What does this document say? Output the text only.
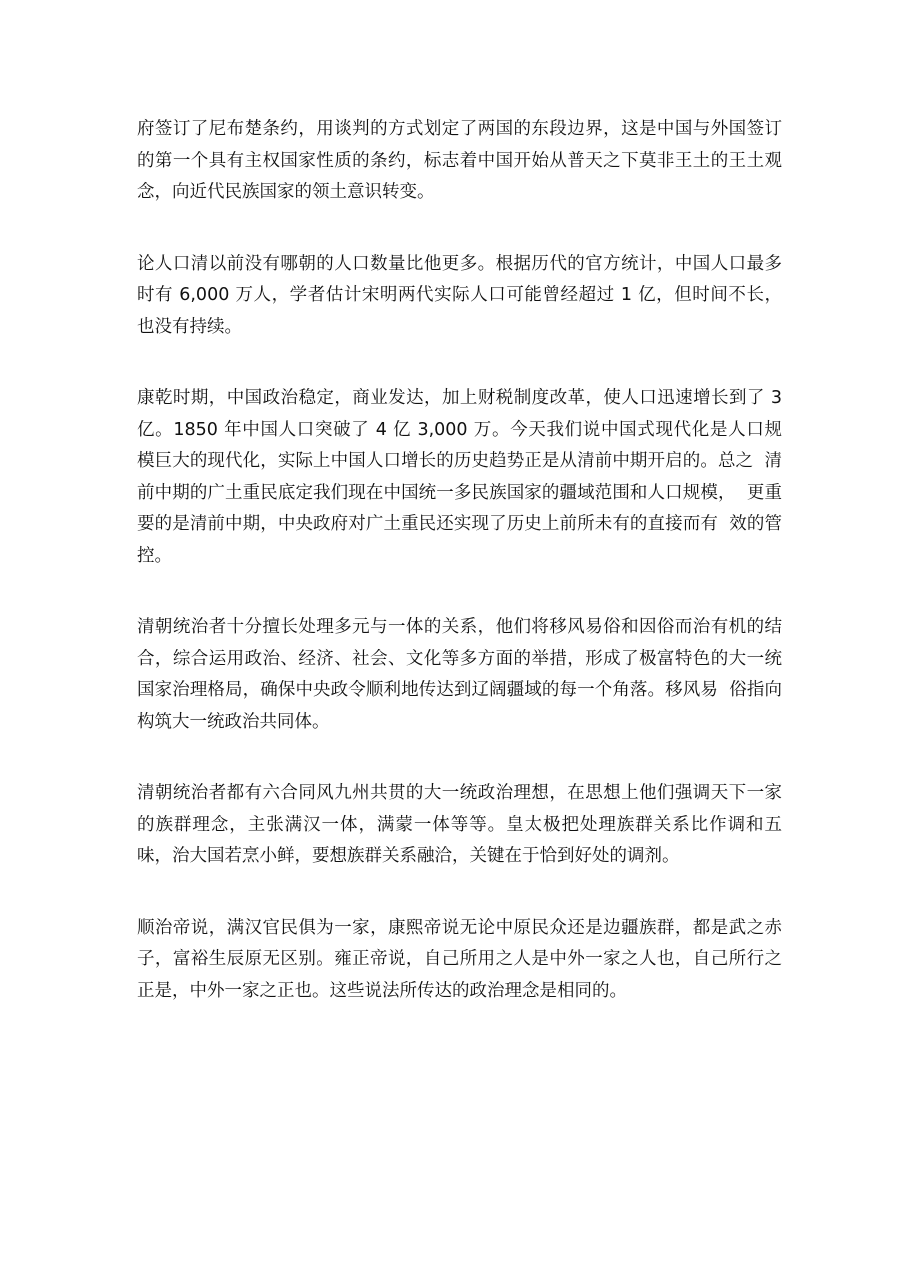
府签订了尼布楚条约，用谈判的方式划定了两国的东段边界，这是中国与外国签订的第一个具有主权国家性质的条约，标志着中国开始从普天之下莫非王土的王土观念，向近代民族国家的领土意识转变。

论人口清以前没有哪朝的人口数量比他更多。根据历代的官方统计，中国人口最多时有 6,000 万人，学者估计宋明两代实际人口可能曾经超过 1 亿，但时间不长，  也没有持续。

康乾时期，中国政治稳定，商业发达，加上财税制度改革，使人口迅速增长到了 3 亿。1850 年中国人口突破了 4 亿 3,000 万。今天我们说中国式现代化是人口规  模巨大的现代化，实际上中国人口增长的历史趋势正是从清前中期开启的。总之  清前中期的广土重民底定我们现在中国统一多民族国家的疆域范围和人口规模，  更重要的是清前中期，中央政府对广土重民还实现了历史上前所未有的直接而有  效的管控。

清朝统治者十分擅长处理多元与一体的关系，他们将移风易俗和因俗而治有机的结合，综合运用政治、经济、社会、文化等多方面的举措，形成了极富特色的大一统国家治理格局，确保中央政令顺利地传达到辽阔疆域的每一个角落。移风易  俗指向构筑大一统政治共同体。

清朝统治者都有六合同风九州共贯的大一统政治理想，在思想上他们强调天下一家的族群理念，主张满汉一体，满蒙一体等等。皇太极把处理族群关系比作调和五味，治大国若烹小鲜，要想族群关系融洽，关键在于恰到好处的调剂。

顺治帝说，满汉官民俱为一家，康熙帝说无论中原民众还是边疆族群，都是武之赤子，富裕生辰原无区别。雍正帝说，自己所用之人是中外一家之人也，自己所行之正是，中外一家之正也。这些说法所传达的政治理念是相同的。
